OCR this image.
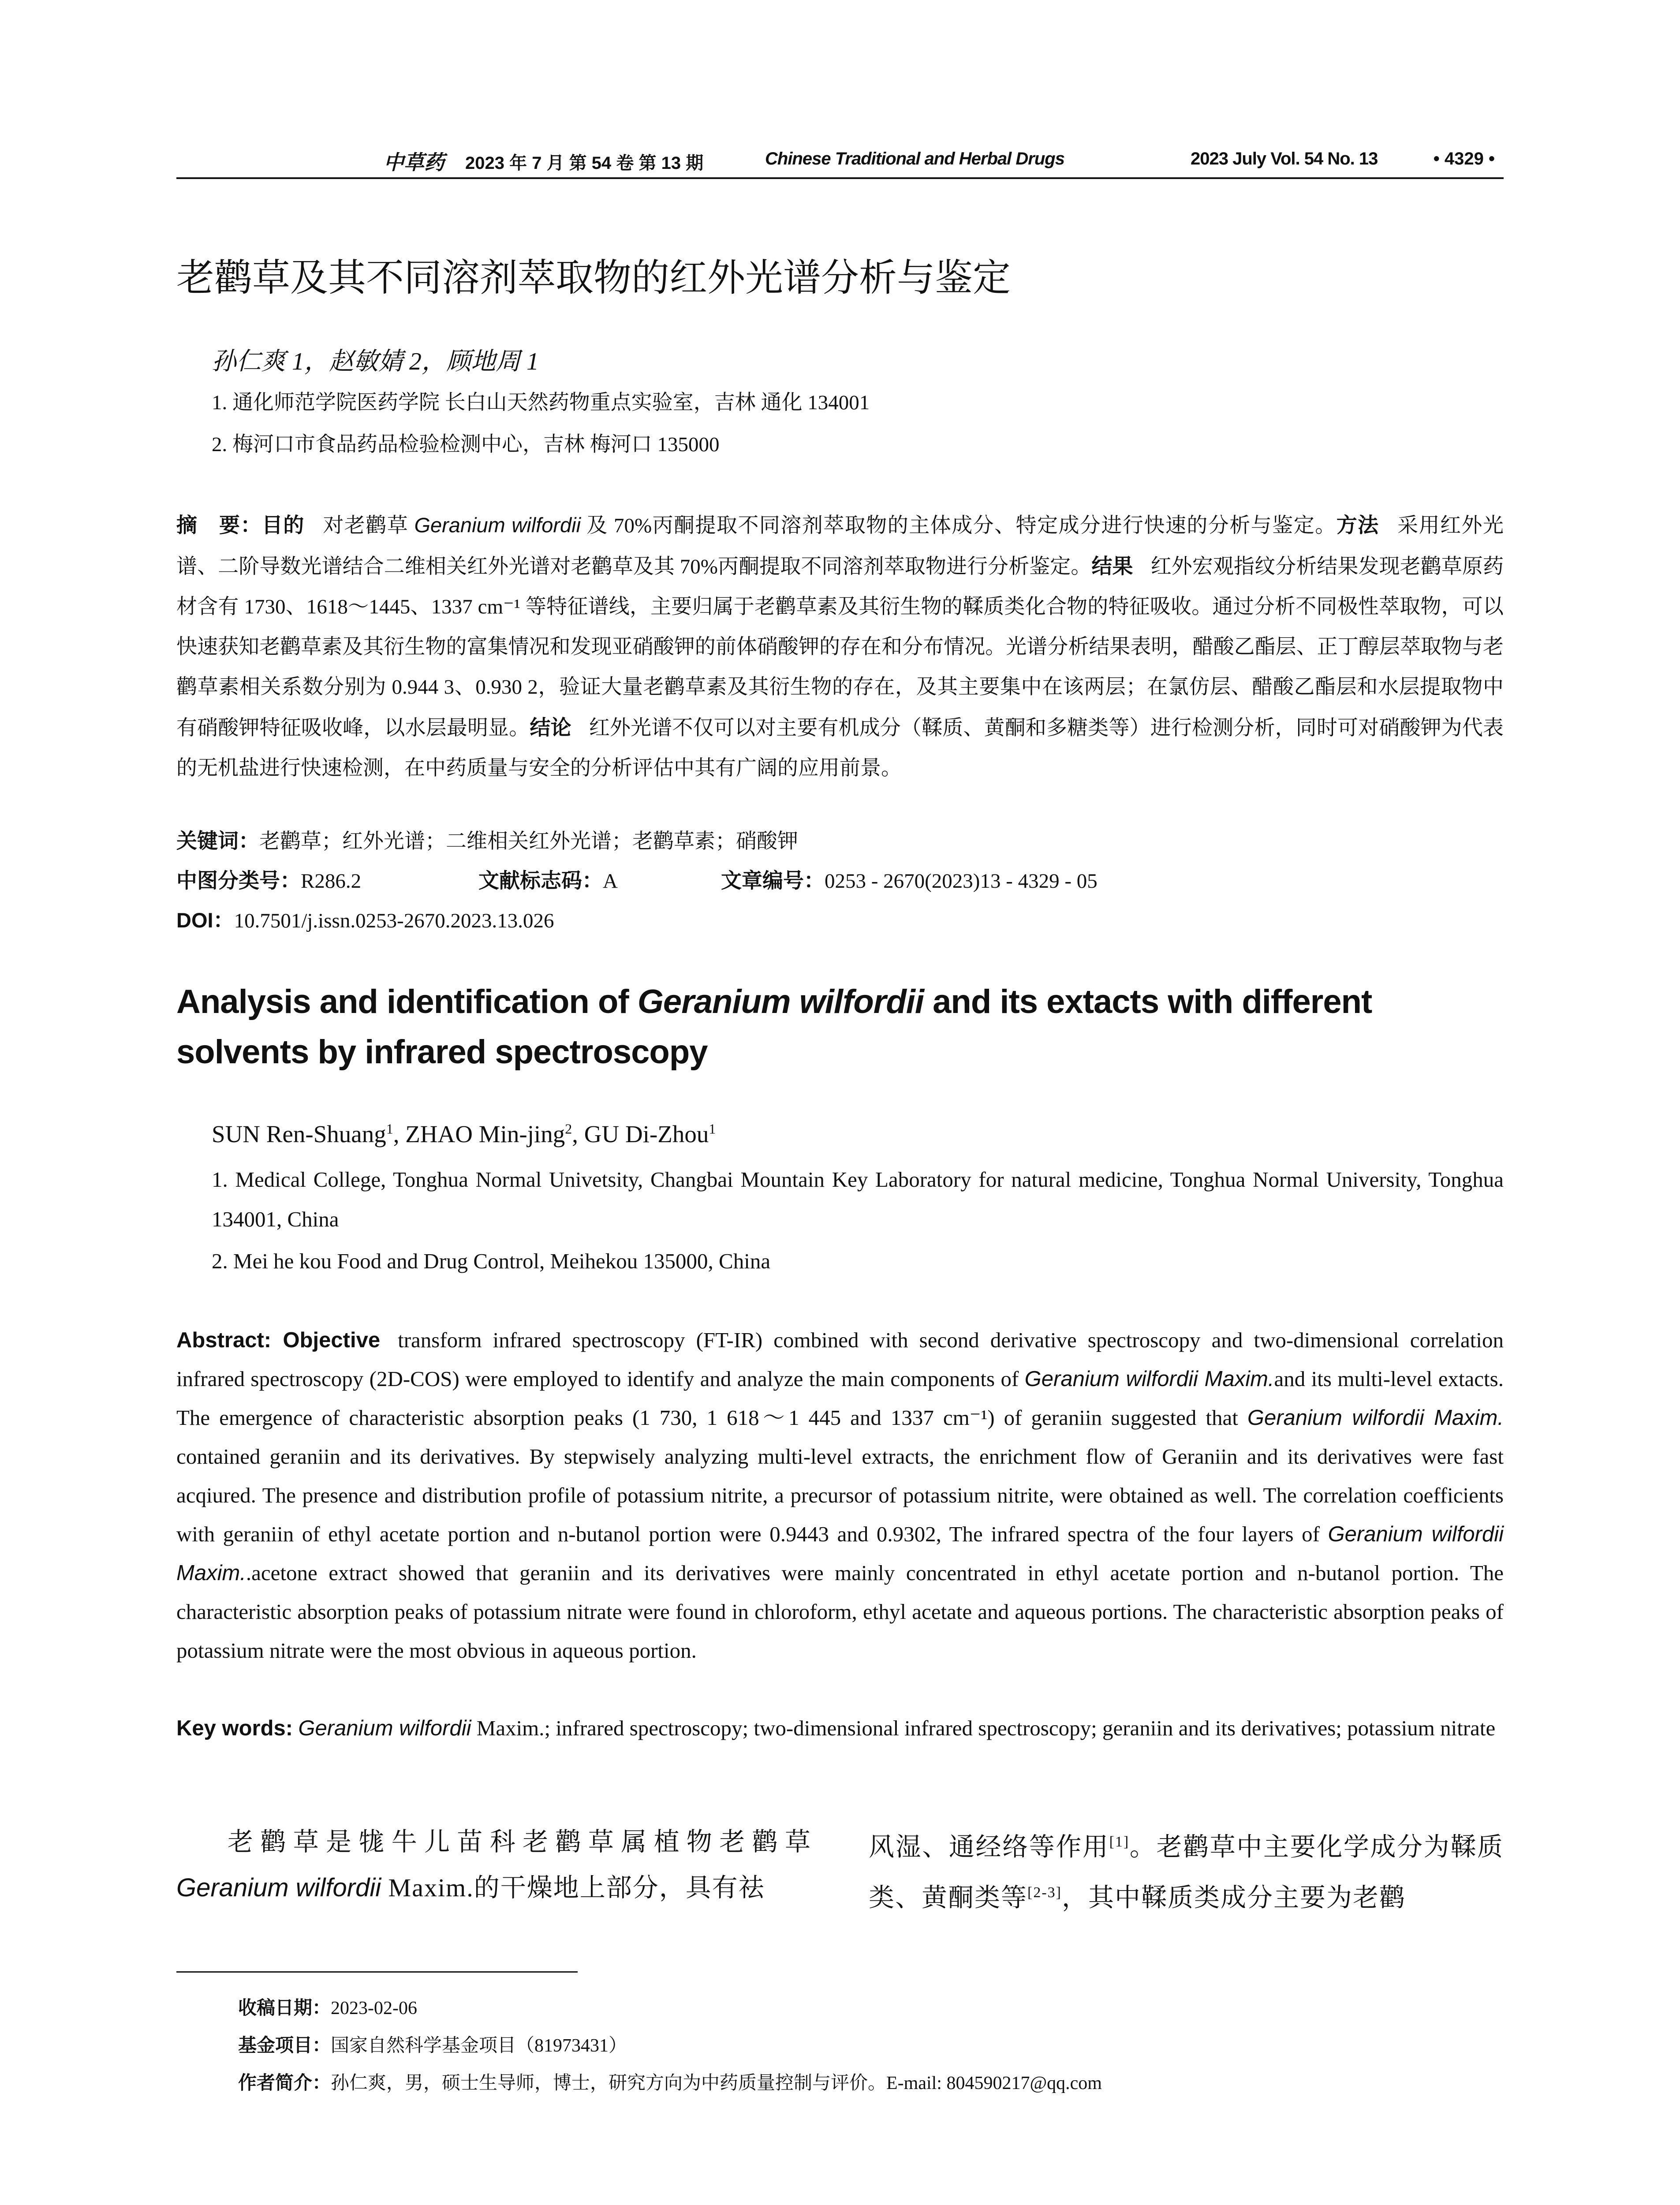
中草药 2023 年 7 月 第 54 卷 第 13 期	Chinese Traditional and Herbal Drugs	2023 July Vol. 54 No. 13	• 4329 •
老鹳草及其不同溶剂萃取物的红外光谱分析与鉴定
孙仁爽 1，赵敏婧 2，顾地周 1
1. 通化师范学院医药学院 长白山天然药物重点实验室，吉林 通化 134001
2. 梅河口市食品药品检验检测中心，吉林 梅河口 135000
摘　要：目的 对老鹳草 Geranium wilfordii 及 70%丙酮提取不同溶剂萃取物的主体成分、特定成分进行快速的分析与鉴定。方法 采用红外光谱、二阶导数光谱结合二维相关红外光谱对老鹳草及其 70%丙酮提取不同溶剂萃取物进行分析鉴定。结果 红外宏观指纹分析结果发现老鹳草原药材含有 1730、1618～1445、1337 cm⁻¹ 等特征谱线，主要归属于老鹳草素及其衍生物的鞣质类化合物的特征吸收。通过分析不同极性萃取物，可以快速获知老鹳草素及其衍生物的富集情况和发现亚硝酸钾的前体硝酸钾的存在和分布情况。光谱分析结果表明，醋酸乙酯层、正丁醇层萃取物与老鹳草素相关系数分别为 0.944 3、0.930 2，验证大量老鹳草素及其衍生物的存在，及其主要集中在该两层；在氯仿层、醋酸乙酯层和水层提取物中有硝酸钾特征吸收峰，以水层最明显。结论 红外光谱不仅可以对主要有机成分（鞣质、黄酮和多糖类等）进行检测分析，同时可对硝酸钾为代表的无机盐进行快速检测，在中药质量与安全的分析评估中其有广阔的应用前景。
关键词：老鹳草；红外光谱；二维相关红外光谱；老鹳草素；硝酸钾
中图分类号：R286.2	文献标志码：A	文章编号：0253 - 2670(2023)13 - 4329 - 05
DOI：10.7501/j.issn.0253-2670.2023.13.026
Analysis and identification of Geranium wilfordii and its extacts with different solvents by infrared spectroscopy
SUN Ren-Shuang$^1$, ZHAO Min-jing$^2$, GU Di-Zhou$^1$
1. Medical College, Tonghua Normal Univetsity, Changbai Mountain Key Laboratory for natural medicine, Tonghua Normal University, Tonghua 134001, China
2. Mei he kou Food and Drug Control, Meihekou 135000, China
Abstract: Objective transform infrared spectroscopy (FT-IR) combined with second derivative spectroscopy and two-dimensional correlation infrared spectroscopy (2D-COS) were employed to identify and analyze the main components of Geranium wilfordii Maxim.and its multi-level extacts. The emergence of characteristic absorption peaks (1 730, 1 618～1 445 and 1337 cm⁻¹) of geraniin suggested that Geranium wilfordii Maxim. contained geraniin and its derivatives. By stepwisely analyzing multi-level extracts, the enrichment flow of Geraniin and its derivatives were fast acqiured. The presence and distribution profile of potassium nitrite, a precursor of potassium nitrite, were obtained as well. The correlation coefficients with geraniin of ethyl acetate portion and n-butanol portion were 0.9443 and 0.9302, The infrared spectra of the four layers of Geranium wilfordii Maxim..acetone extract showed that geraniin and its derivatives were mainly concentrated in ethyl acetate portion and n-butanol portion. The characteristic absorption peaks of potassium nitrate were found in chloroform, ethyl acetate and aqueous portions. The characteristic absorption peaks of potassium nitrate were the most obvious in aqueous portion.
Key words: Geranium wilfordii Maxim.; infrared spectroscopy; two-dimensional infrared spectroscopy; geraniin and its derivatives; potassium nitrate
老鹳草是牻牛儿苗科老鹳草属植物老鹳草Geranium wilfordii Maxim.的干燥地上部分，具有祛
风湿、通经络等作用[1]。老鹳草中主要化学成分为鞣质类、黄酮类等[2-3]，其中鞣质类成分主要为老鹳
收稿日期：2023-02-06
基金项目：国家自然科学基金项目（81973431）
作者简介：孙仁爽，男，硕士生导师，博士，研究方向为中药质量控制与评价。E-mail: 804590217@qq.com
